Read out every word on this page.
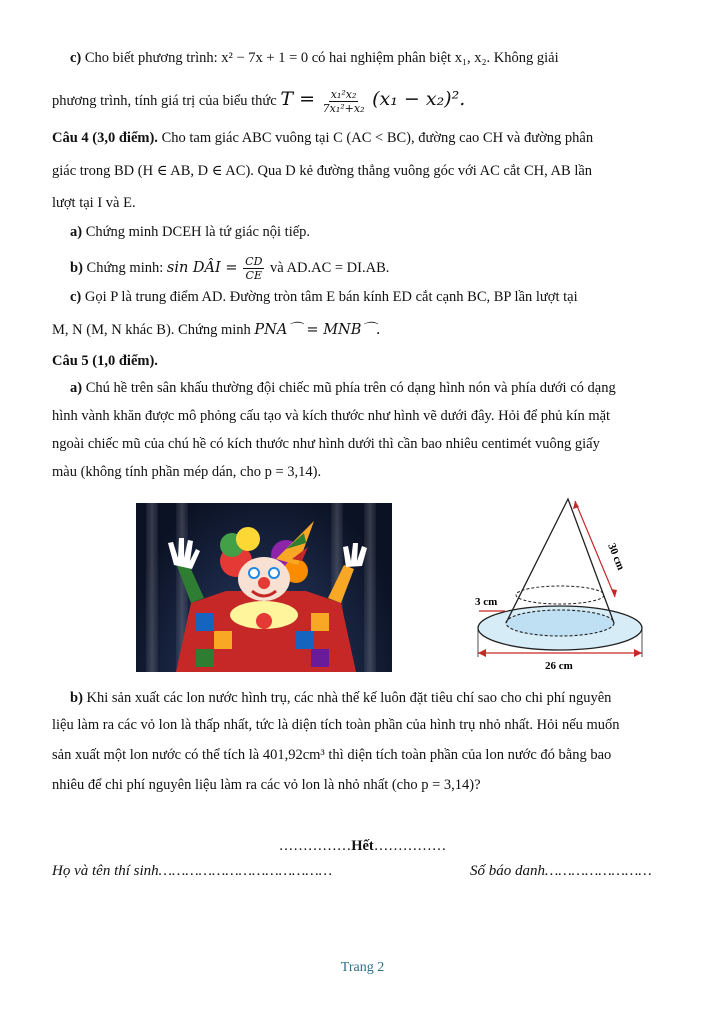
c) Cho biết phương trình: x² − 7x + 1 = 0 có hai nghiệm phân biệt x₁, x₂. Không giải
phương trình, tính giá trị của biểu thức $T = \frac{\text{x₁²x₂}}{\text{7x₁²+x₂}} (x_1 - x_2)^2$.
Câu 4 (3,0 điểm). Cho tam giác ABC vuông tại C (AC < BC), đường cao CH và đường phân
giác trong BD (H ∈ AB, D ∈ AC). Qua D kẻ đường thẳng vuông góc với AC cắt CH, AB lần
lượt tại I và E.
a) Chứng minh DCEH là tứ giác nội tiếp.
b) Chứng minh: sin DÂI = $\frac{CD}{CE}$ và AD.AC = DI.AB.
c) Gọi P là trung điểm AD. Đường tròn tâm E bán kính ED cắt cạnh BC, BP lần lượt tại
M, N (M, N khác B). Chứng minh PNA⌒ = MNB⌒.
Câu 5 (1,0 điểm).
a) Chú hề trên sân khấu thường đội chiếc mũ phía trên có dạng hình nón và phía dưới có dạng
hình vành khăn được mô phỏng cấu tạo và kích thước như hình vẽ dưới đây. Hỏi để phủ kín mặt
ngoài chiếc mũ của chú hề có kích thước như hình dưới thì cần bao nhiêu centimét vuông giấy
màu (không tính phần mép dán, cho p = 3,14).
30 cm
3 cm
26 cm
b) Khi sản xuất các lon nước hình trụ, các nhà thế kế luôn đặt tiêu chí sao cho chi phí nguyên
liệu làm ra các vỏ lon là thấp nhất, tức là diện tích toàn phần của hình trụ nhỏ nhất. Hỏi nếu muốn
sản xuất một lon nước có thể tích là 401,92cm³ thì diện tích toàn phần của lon nước đó bằng bao
nhiêu để chi phí nguyên liệu làm ra các vỏ lon là nhỏ nhất (cho p = 3,14)?
……………Hết……………
Họ và tên thí sinh…………………………………	Số báo danh……………………
Trang 2
